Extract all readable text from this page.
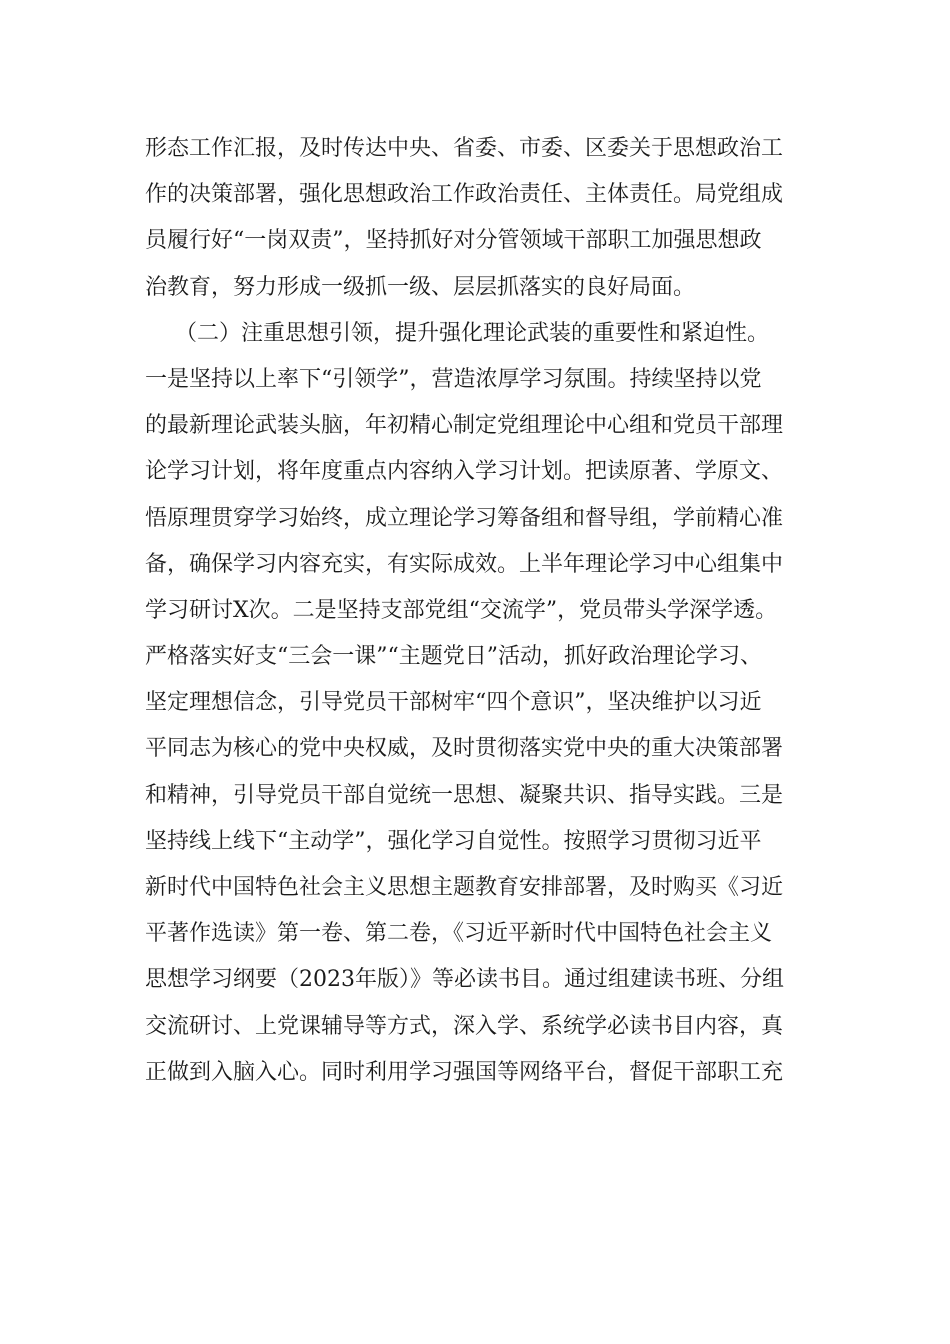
形态工作汇报，及时传达中央、省委、市委、区委关于思想政治工
作的决策部署，强化思想政治工作政治责任、主体责任。局党组成
员履行好“一岗双责”，坚持抓好对分管领域干部职工加强思想政
治教育，努力形成一级抓一级、层层抓落实的良好局面。
（二）注重思想引领，提升强化理论武装的重要性和紧迫性。
一是坚持以上率下“引领学”，营造浓厚学习氛围。持续坚持以党
的最新理论武装头脑，年初精心制定党组理论中心组和党员干部理
论学习计划，将年度重点内容纳入学习计划。把读原著、学原文、
悟原理贯穿学习始终，成立理论学习筹备组和督导组，学前精心准
备，确保学习内容充实，有实际成效。上半年理论学习中心组集中
学习研讨X次。二是坚持支部党组“交流学”，党员带头学深学透。
严格落实好支“三会一课”“主题党日”活动，抓好政治理论学习、
坚定理想信念，引导党员干部树牢“四个意识”，坚决维护以习近
平同志为核心的党中央权威，及时贯彻落实党中央的重大决策部署
和精神，引导党员干部自觉统一思想、凝聚共识、指导实践。三是
坚持线上线下“主动学”，强化学习自觉性。按照学习贯彻习近平
新时代中国特色社会主义思想主题教育安排部署，及时购买《习近
平著作选读》第一卷、第二卷，《习近平新时代中国特色社会主义
思想学习纲要（2023年版）》等必读书目。通过组建读书班、分组
交流研讨、上党课辅导等方式，深入学、系统学必读书目内容，真
正做到入脑入心。同时利用学习强国等网络平台，督促干部职工充
